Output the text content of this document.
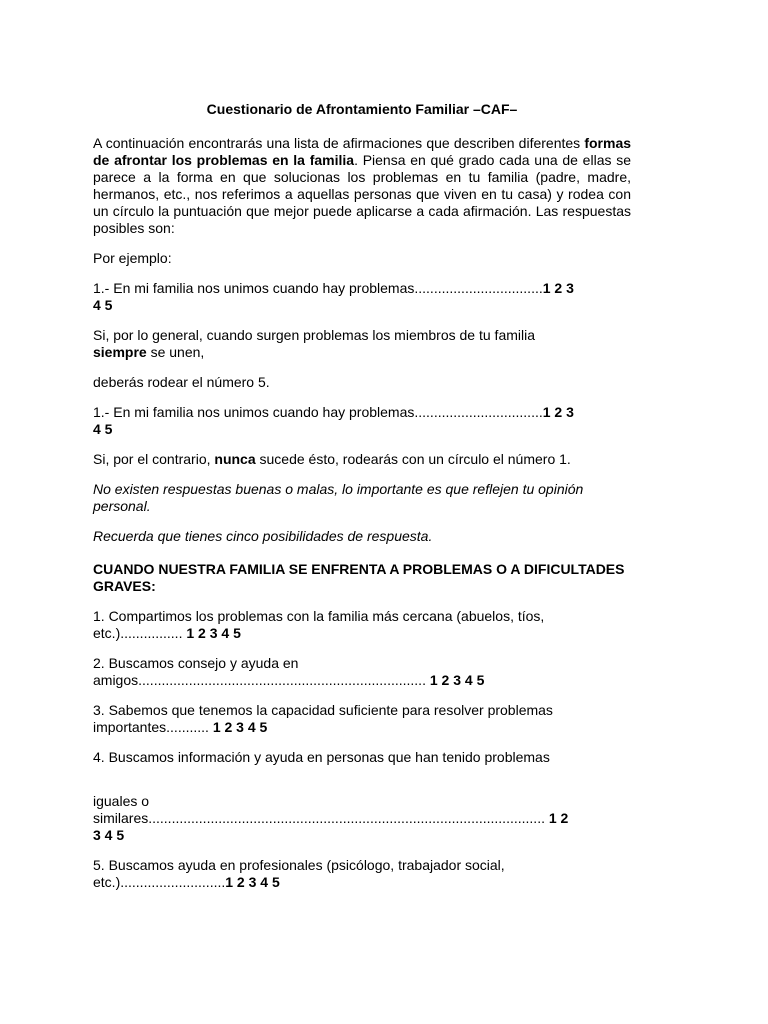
Cuestionario de Afrontamiento Familiar –CAF–

A continuación encontrarás una lista de afirmaciones que describen diferentes formas de afrontar los problemas en la familia. Piensa en qué grado cada una de ellas se parece a la forma en que solucionas los problemas en tu familia (padre, madre, hermanos, etc., nos referimos a aquellas personas que viven en tu casa) y rodea con un círculo la puntuación que mejor puede aplicarse a cada afirmación. Las respuestas posibles son:

Por ejemplo:

1.- En mi familia nos unimos cuando hay problemas.................................1 2 3
4 5

Si, por lo general, cuando surgen problemas los miembros de tu familia
siempre se unen,

deberás rodear el número 5.

1.- En mi familia nos unimos cuando hay problemas.................................1 2 3
4 5

Si, por el contrario, nunca sucede ésto, rodearás con un círculo el número 1.

No existen respuestas buenas o malas, lo importante es que reflejen tu opinión personal.

Recuerda que tienes cinco posibilidades de respuesta.

CUANDO NUESTRA FAMILIA SE ENFRENTA A PROBLEMAS O A DIFICULTADES GRAVES:

1. Compartimos los problemas con la familia más cercana (abuelos, tíos,
etc.)................ 1 2 3 4 5

2. Buscamos consejo y ayuda en
amigos.......................................................................... 1 2 3 4 5

3. Sabemos que tenemos la capacidad suficiente para resolver problemas
importantes........... 1 2 3 4 5

4. Buscamos información y ayuda en personas que han tenido problemas

iguales o
similares...................................................................................................... 1 2
3 4 5

5. Buscamos ayuda en profesionales (psicólogo, trabajador social,
etc.)...........................1 2 3 4 5
